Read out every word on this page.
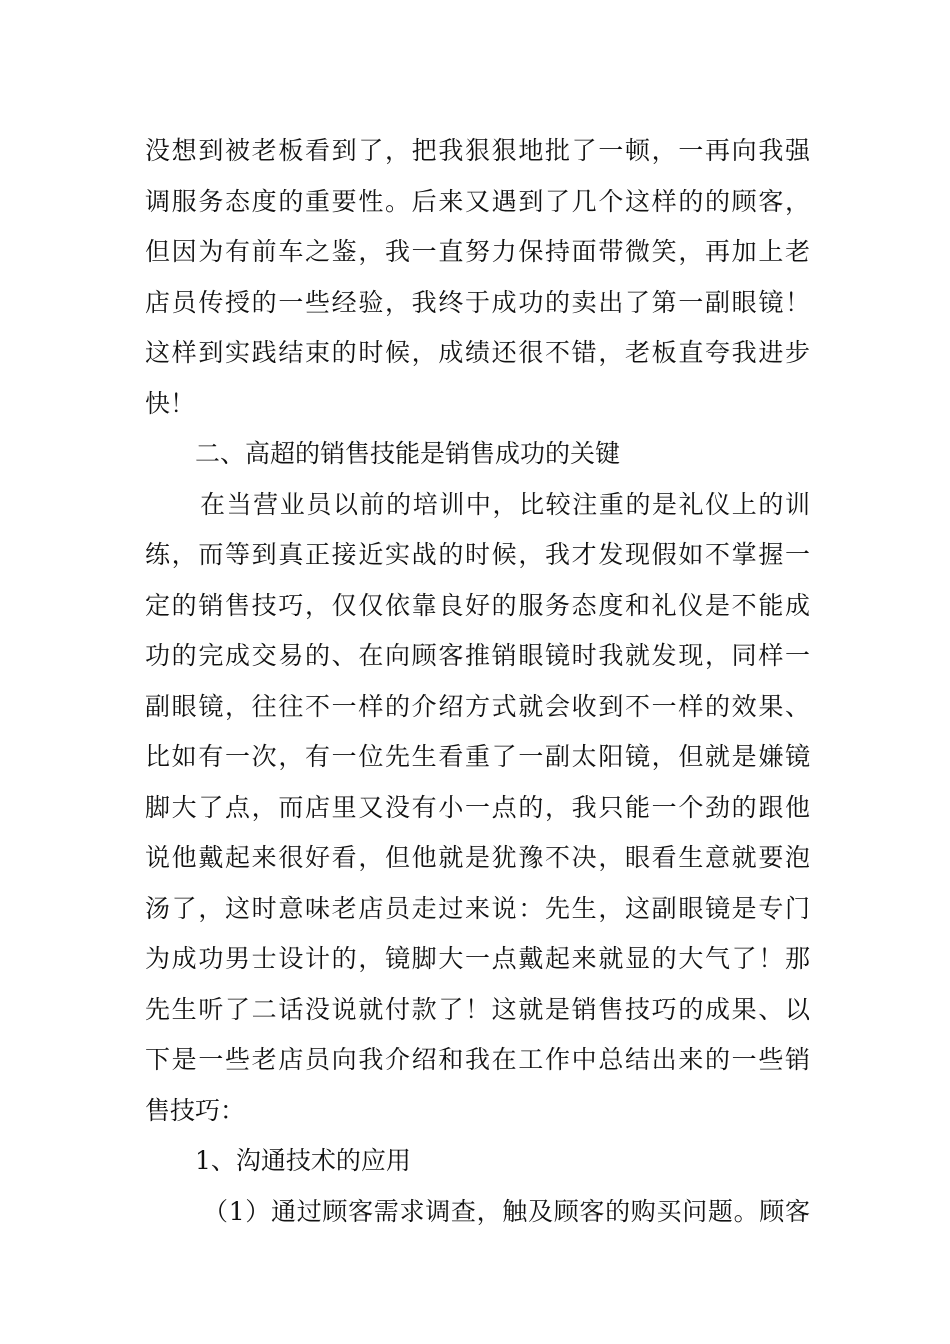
没想到被老板看到了，把我狠狠地批了一顿，一再向我强
调服务态度的重要性。后来又遇到了几个这样的的顾客，
但因为有前车之鉴，我一直努力保持面带微笑，再加上老
店员传授的一些经验，我终于成功的卖出了第一副眼镜！
这样到实践结束的时候，成绩还很不错，老板直夸我进步
快！
二、高超的销售技能是销售成功的关键
在当营业员以前的培训中，比较注重的是礼仪上的训
练，而等到真正接近实战的时候，我才发现假如不掌握一
定的销售技巧，仅仅依靠良好的服务态度和礼仪是不能成
功的完成交易的、在向顾客推销眼镜时我就发现，同样一
副眼镜，往往不一样的介绍方式就会收到不一样的效果、
比如有一次，有一位先生看重了一副太阳镜，但就是嫌镜
脚大了点，而店里又没有小一点的，我只能一个劲的跟他
说他戴起来很好看，但他就是犹豫不决，眼看生意就要泡
汤了，这时意味老店员走过来说：先生，这副眼镜是专门
为成功男士设计的，镜脚大一点戴起来就显的大气了！那
先生听了二话没说就付款了！这就是销售技巧的成果、以
下是一些老店员向我介绍和我在工作中总结出来的一些销
售技巧：
1、沟通技术的应用
（1）通过顾客需求调查，触及顾客的购买问题。顾客
